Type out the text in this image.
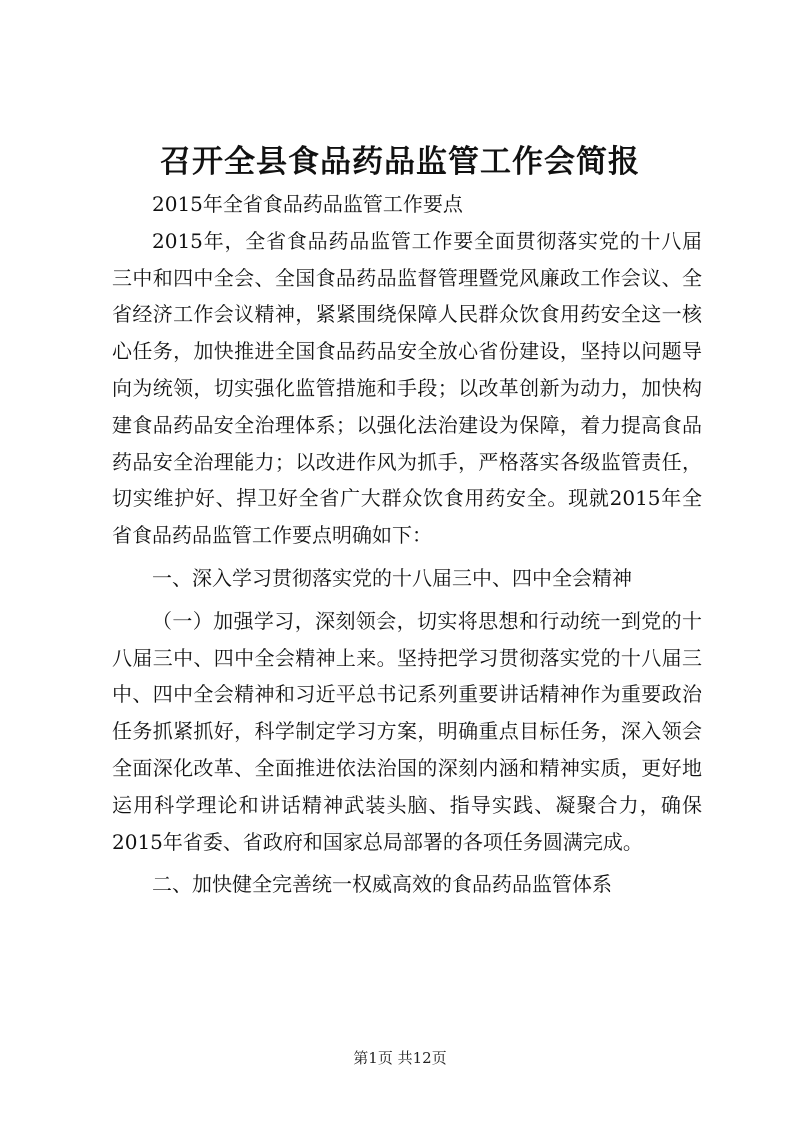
召开全县食品药品监管工作会简报

2015年全省食品药品监管工作要点

2015年，全省食品药品监管工作要全面贯彻落实党的十八届三中和四中全会、全国食品药品监督管理暨党风廉政工作会议、全省经济工作会议精神，紧紧围绕保障人民群众饮食用药安全这一核心任务，加快推进全国食品药品安全放心省份建设，坚持以问题导向为统领，切实强化监管措施和手段；以改革创新为动力，加快构建食品药品安全治理体系；以强化法治建设为保障，着力提高食品药品安全治理能力；以改进作风为抓手，严格落实各级监管责任，切实维护好、捍卫好全省广大群众饮食用药安全。现就2015年全省食品药品监管工作要点明确如下：

一、深入学习贯彻落实党的十八届三中、四中全会精神

（一）加强学习，深刻领会，切实将思想和行动统一到党的十八届三中、四中全会精神上来。坚持把学习贯彻落实党的十八届三中、四中全会精神和习近平总书记系列重要讲话精神作为重要政治任务抓紧抓好，科学制定学习方案，明确重点目标任务，深入领会全面深化改革、全面推进依法治国的深刻内涵和精神实质，更好地运用科学理论和讲话精神武装头脑、指导实践、凝聚合力，确保2015年省委、省政府和国家总局部署的各项任务圆满完成。

二、加快健全完善统一权威高效的食品药品监管体系

第1页 共12页
